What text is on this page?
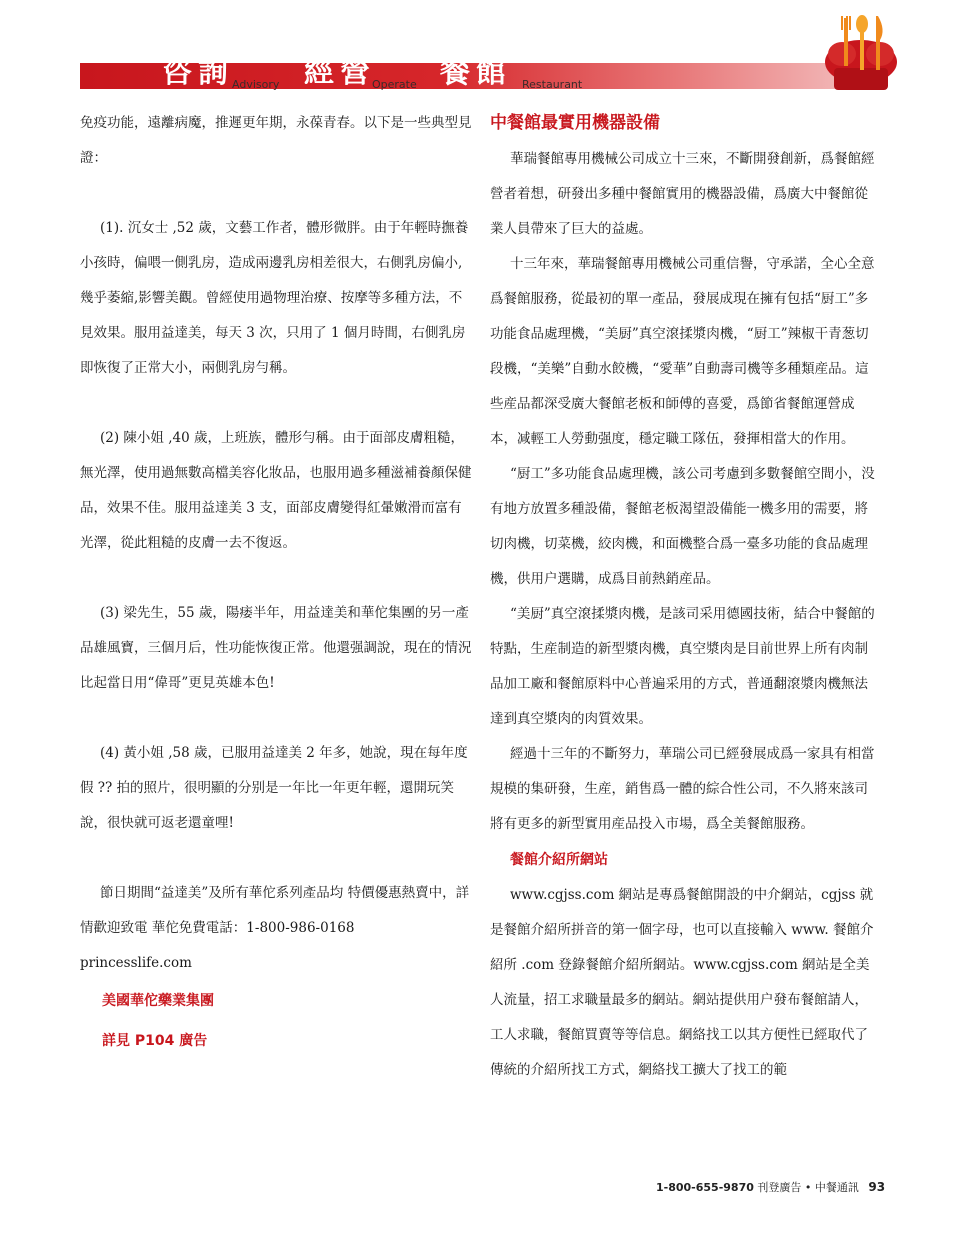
咨詢
Advisory 經營
Operate 餐館 Restaurant

免疫功能，遠離病魔，推遲更年期，永葆青春。以下是一些典型見證：

(1). 沉女士 ,52 歲，文藝工作者，體形微胖。由于年輕時撫養小孩時，偏喂一側乳房，造成兩邊乳房相差很大，右側乳房偏小,幾乎萎縮,影響美觀。曾經使用過物理治療、按摩等多種方法，不見效果。服用益達美，每天 3 次，只用了 1 個月時間，右側乳房即恢復了正常大小，兩側乳房勻稱。

(2) 陳小姐 ,40 歲，上班族，體形勻稱。由于面部皮膚粗糙，無光澤，使用過無數高檔美容化妝品，也服用過多種滋補養顏保健品，效果不佳。服用益達美 3 支，面部皮膚變得紅暈嫩滑而富有光澤，從此粗糙的皮膚一去不復返。

(3) 梁先生，55 歲，陽痿半年，用益達美和華佗集團的另一產品雄風寶，三個月后，性功能恢復正常。他還强調說，現在的情況比起當日用“偉哥”更見英雄本色!

(4) 黃小姐 ,58 歲，已服用益達美 2 年多，她說，現在每年度假 ?? 拍的照片，很明顯的分别是一年比一年更年輕，還開玩笑說，很快就可返老還童哩!

節日期間“益達美”及所有華佗系列產品均 特價優惠熱賣中，詳情歡迎致電 華佗免費電話：1-800-986-0168

princesslife.com

美國華佗藥業集團

詳見 P104 廣告

中餐館最實用機器設備

華瑞餐館專用機械公司成立十三來，不斷開發創新，爲餐館經營者着想，研發出多種中餐館實用的機器設備，爲廣大中餐館從業人員帶來了巨大的益處。

十三年來，華瑞餐館專用機械公司重信譽，守承諾，全心全意爲餐館服務，從最初的單一產品，發展成現在擁有包括“厨工”多功能食品處理機，“美厨”真空滾揉漿肉機，“厨工”辣椒干青葱切段機，“美樂”自動水餃機，“愛華”自動壽司機等多種類産品。這些産品都深受廣大餐館老板和師傅的喜愛，爲節省餐館運營成本，减輕工人勞動强度，穩定職工隊伍，發揮相當大的作用。

“厨工”多功能食品處理機，該公司考慮到多數餐館空間小，没有地方放置多種設備，餐館老板渴望設備能一機多用的需要，將切肉機，切菜機，絞肉機，和面機整合爲一臺多功能的食品處理機，供用户選購，成爲目前熱銷産品。

“美厨”真空滾揉漿肉機，是該司采用德國技術，結合中餐館的特點，生産制造的新型漿肉機，真空漿肉是目前世界上所有肉制品加工廠和餐館原料中心普遍采用的方式，普通翻滾漿肉機無法達到真空漿肉的肉質效果。

經過十三年的不斷努力，華瑞公司已經發展成爲一家具有相當規模的集研發，生産，銷售爲一體的綜合性公司，不久將來該司將有更多的新型實用産品投入市場，爲全美餐館服務。

餐館介紹所網站

www.cgjss.com 網站是專爲餐館開設的中介網站，cgjss 就是餐館介紹所拼音的第一個字母，也可以直接輸入 www. 餐館介紹所 .com 登錄餐館介紹所網站。www.cgjss.com 網站是全美人流量，招工求職量最多的網站。網站提供用户發布餐館請人，工人求職，餐館買賣等等信息。網絡找工以其方便性已經取代了傳統的介紹所找工方式，網絡找工擴大了找工的範

1-800-655-9870 刊登廣告 • 中餐通訊 93
